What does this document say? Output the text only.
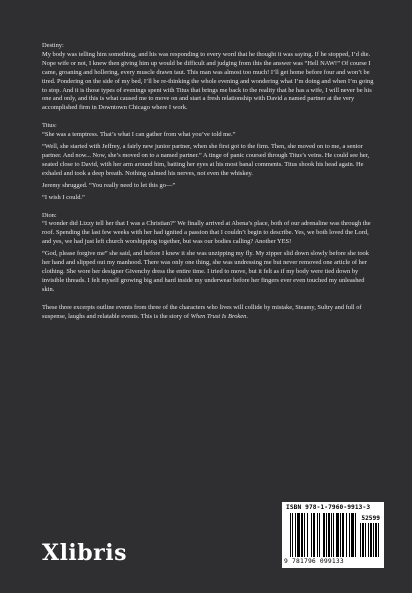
Destiny:

My body was telling him something, and his was responding to every word that he thought it was saying. If he stopped, I’d die. Nope wife or not, I knew then giving him up would be difficult and judging from this the answer was “Hell NAW!” Of course I came, groaning and hollering, every muscle drawn taut. This man was almost too much! I’ll get home before four and won’t be tired. Pondering on the side of my bed, I’ll be re-thinking the whole evening and wondering what I’m doing and when I’m going to stop. And it is those types of evenings spent with Titus that brings me back to the reality that he has a wife, I will never be his one and only, and this is what caused me to move on and start a fresh relationship with David a named partner at the very accomplished firm in Downtown Chicago where I work.

Titus:

“She was a temptress. That’s what I can gather from what you’ve told me.”

“Well, she started with Jeffrey, a fairly new junior partner, when she first got to the firm. Then, she moved on to me, a senior partner. And now... Now, she’s moved on to a named partner.” A tinge of panic coursed through Titus’s veins. He could see her, seated close to David, with her arm around him, batting her eyes at his most banal comments. Titus shook his head again. He exhaled and took a deep breath. Nothing calmed his nerves, not even the whiskey.

Jeremy shrugged. “You really need to let this go—”

“I wish I could.”

Dion:

“I wonder did Lizzy tell her that I was a Christian?” We finally arrived at Abena’s place, both of our adrenaline was through the roof. Spending the last few weeks with her had ignited a passion that I couldn’t begin to describe. Yes, we both loved the Lord, and yes, we had just left church worshipping together, but was our bodies calling? Another YES!

“God, please forgive me” she said, and before I knew it she was unzipping my fly. My zipper slid down slowly before she took her hand and slipped out my manhood. There was only one thing, she was undressing me but never removed one article of her clothing. She wore her designer Givenchy dress the entire time. I tried to move, but it felt as if my body were tied down by invisible threads. I felt myself growing big and hard inside my underwear before her fingers ever even touched my unleashed skin.

These three excerpts outline events from three of the characters who lives will collide by mistake, Steamy, Sultry and full of suspense, laughs and relatable events. This is the story of When Trust Is Broken.

Xlibris
ISBN 978-1-7960-9913-3
52599
9 781796 099133
